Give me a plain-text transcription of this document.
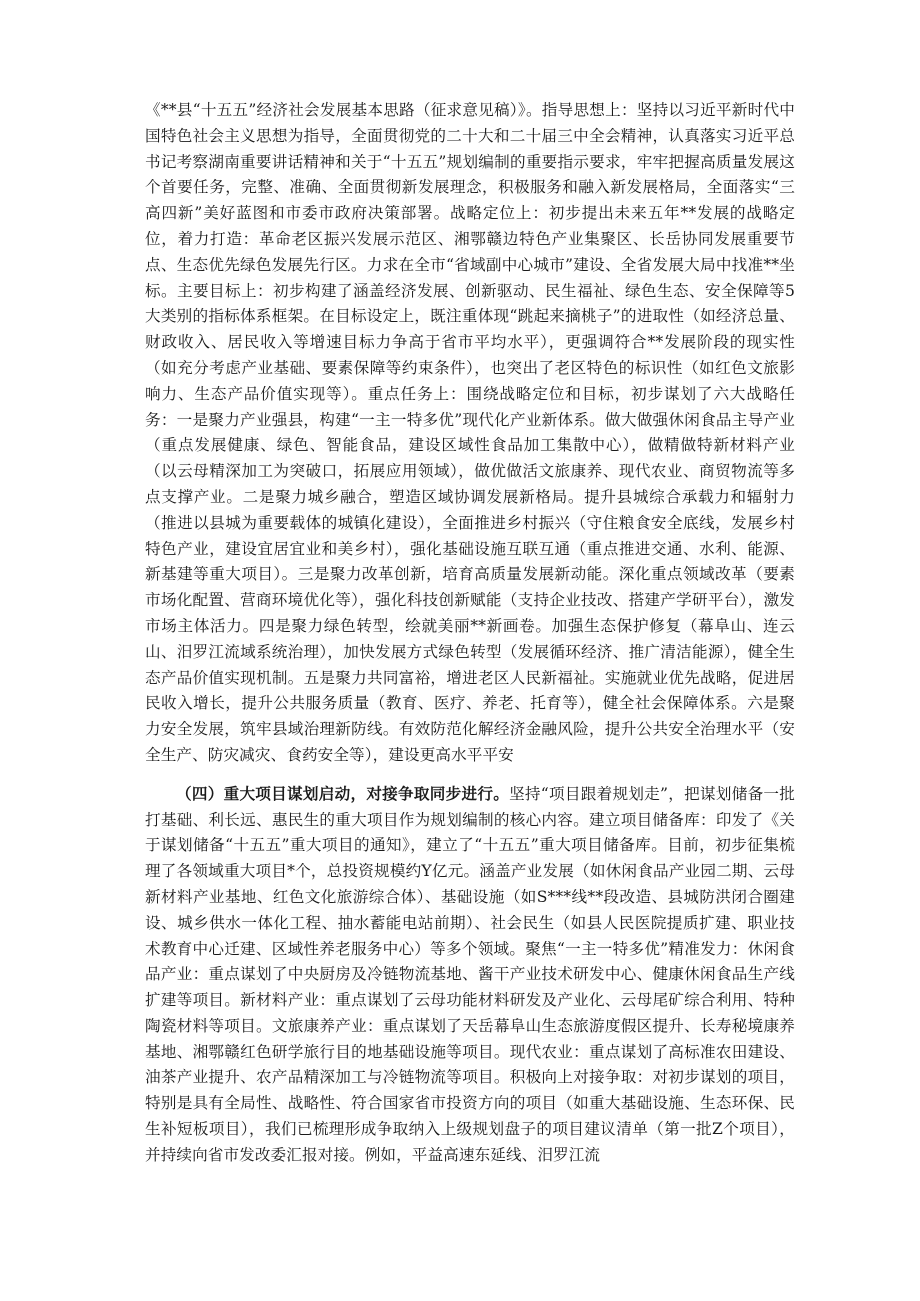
《**县“十五五”经济社会发展基本思路（征求意见稿）》。指导思想上：坚持以习近平新时代中国特色社会主义思想为指导，全面贯彻党的二十大和二十届三中全会精神，认真落实习近平总书记考察湖南重要讲话精神和关于“十五五”规划编制的重要指示要求，牢牢把握高质量发展这个首要任务，完整、准确、全面贯彻新发展理念，积极服务和融入新发展格局，全面落实“三高四新”美好蓝图和市委市政府决策部署。战略定位上：初步提出未来五年**发展的战略定位，着力打造：革命老区振兴发展示范区、湘鄂赣边特色产业集聚区、长岳协同发展重要节点、生态优先绿色发展先行区。力求在全市“省域副中心城市”建设、全省发展大局中找准**坐标。主要目标上：初步构建了涵盖经济发展、创新驱动、民生福祉、绿色生态、安全保障等5大类别的指标体系框架。在目标设定上，既注重体现“跳起来摘桃子”的进取性（如经济总量、财政收入、居民收入等增速目标力争高于省市平均水平），更强调符合**发展阶段的现实性（如充分考虑产业基础、要素保障等约束条件），也突出了老区特色的标识性（如红色文旅影响力、生态产品价值实现等）。重点任务上：围绕战略定位和目标，初步谋划了六大战略任务：一是聚力产业强县，构建“一主一特多优”现代化产业新体系。做大做强休闲食品主导产业（重点发展健康、绿色、智能食品，建设区域性食品加工集散中心），做精做特新材料产业（以云母精深加工为突破口，拓展应用领域），做优做活文旅康养、现代农业、商贸物流等多点支撑产业。二是聚力城乡融合，塑造区域协调发展新格局。提升县城综合承载力和辐射力（推进以县城为重要载体的城镇化建设），全面推进乡村振兴（守住粮食安全底线，发展乡村特色产业，建设宜居宜业和美乡村），强化基础设施互联互通（重点推进交通、水利、能源、新基建等重大项目）。三是聚力改革创新，培育高质量发展新动能。深化重点领域改革（要素市场化配置、营商环境优化等），强化科技创新赋能（支持企业技改、搭建产学研平台），激发市场主体活力。四是聚力绿色转型，绘就美丽**新画卷。加强生态保护修复（幕阜山、连云山、汨罗江流域系统治理），加快发展方式绿色转型（发展循环经济、推广清洁能源），健全生态产品价值实现机制。五是聚力共同富裕，增进老区人民新福祉。实施就业优先战略，促进居民收入增长，提升公共服务质量（教育、医疗、养老、托育等），健全社会保障体系。六是聚力安全发展，筑牢县域治理新防线。有效防范化解经济金融风险，提升公共安全治理水平（安全生产、防灾减灾、食药安全等），建设更高水平平安

（四）重大项目谋划启动，对接争取同步进行。坚持“项目跟着规划走”，把谋划储备一批打基础、利长远、惠民生的重大项目作为规划编制的核心内容。建立项目储备库：印发了《关于谋划储备“十五五”重大项目的通知》，建立了“十五五”重大项目储备库。目前，初步征集梳理了各领域重大项目*个，总投资规模约Y亿元。涵盖产业发展（如休闲食品产业园二期、云母新材料产业基地、红色文化旅游综合体）、基础设施（如S***线**段改造、县城防洪闭合圈建设、城乡供水一体化工程、抽水蓄能电站前期）、社会民生（如县人民医院提质扩建、职业技术教育中心迁建、区域性养老服务中心）等多个领域。聚焦“一主一特多优”精准发力：休闲食品产业：重点谋划了中央厨房及冷链物流基地、酱干产业技术研发中心、健康休闲食品生产线扩建等项目。新材料产业：重点谋划了云母功能材料研发及产业化、云母尾矿综合利用、特种陶瓷材料等项目。文旅康养产业：重点谋划了天岳幕阜山生态旅游度假区提升、长寿秘境康养基地、湘鄂赣红色研学旅行目的地基础设施等项目。现代农业：重点谋划了高标准农田建设、油茶产业提升、农产品精深加工与冷链物流等项目。积极向上对接争取：对初步谋划的项目，特别是具有全局性、战略性、符合国家省市投资方向的项目（如重大基础设施、生态环保、民生补短板项目），我们已梳理形成争取纳入上级规划盘子的项目建议清单（第一批Z个项目），并持续向省市发改委汇报对接。例如，平益高速东延线、汨罗江流
